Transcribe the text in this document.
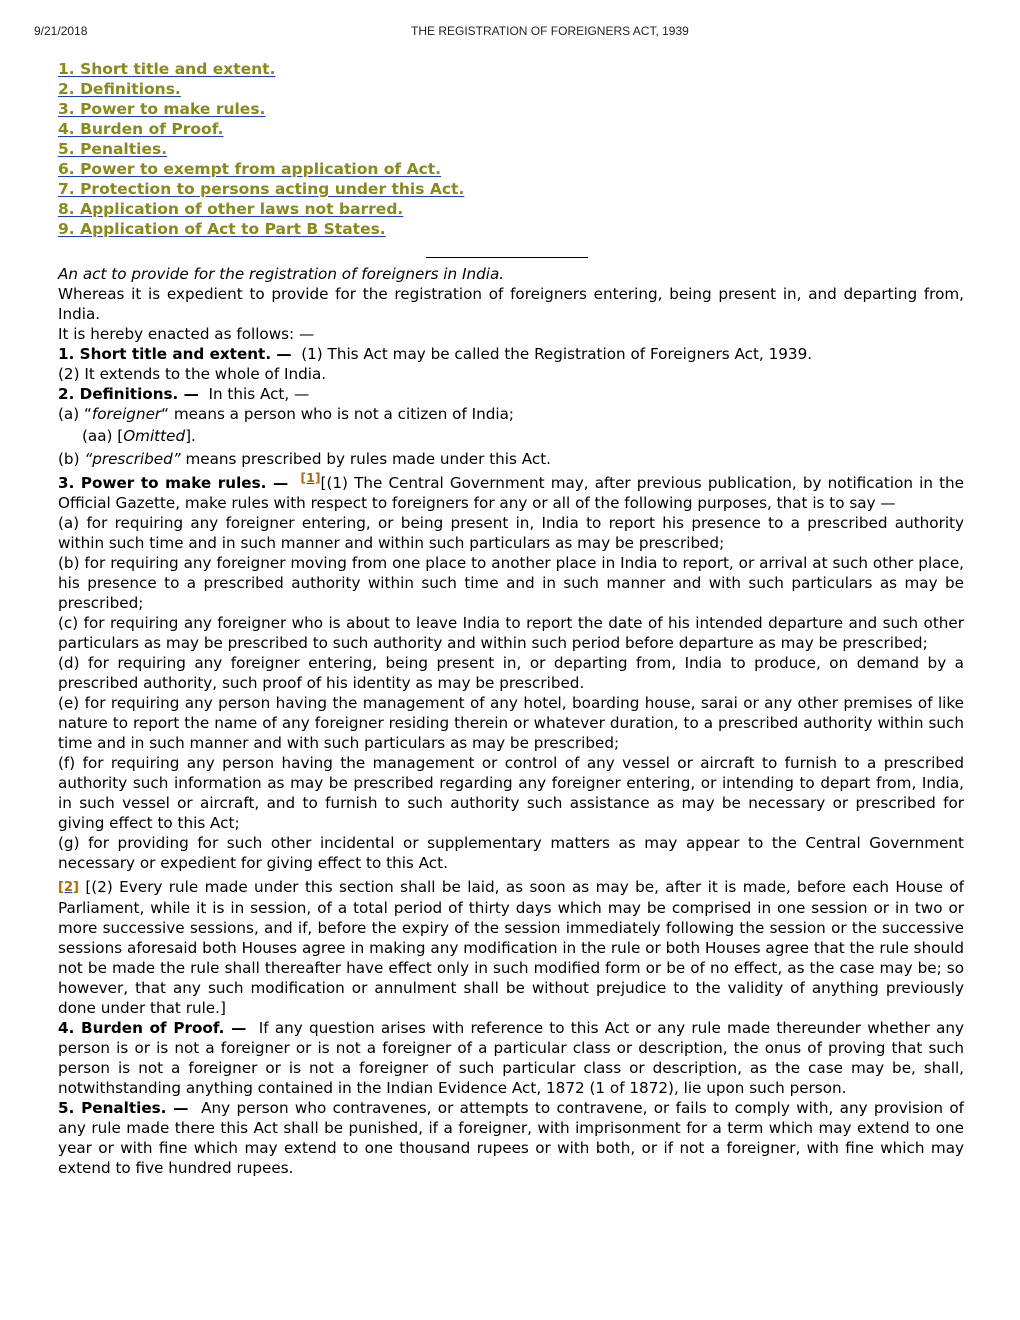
9/21/2018	THE REGISTRATION OF FOREIGNERS ACT, 1939
1. Short title and extent.
2. Definitions.
3. Power to make rules.
4. Burden of Proof.
5. Penalties.
6. Power to exempt from application of Act.
7. Protection to persons acting under this Act.
8. Application of other laws not barred.
9. Application of Act to Part B States.

An act to provide for the registration of foreigners in India.

Whereas it is expedient to provide for the registration of foreigners entering, being present in, and departing from, India.

It is hereby enacted as follows: —

1. Short title and extent. — (1) This Act may be called the Registration of Foreigners Act, 1939.

(2) It extends to the whole of India.

2. Definitions. — In this Act, —

(a) “foreigner“ means a person who is not a citizen of India;

(aa) [Omitted].

(b) “prescribed” means prescribed by rules made under this Act.

3. Power to make rules. — [1][(1) The Central Government may, after previous publication, by notification in the Official Gazette, make rules with respect to foreigners for any or all of the following purposes, that is to say —

(a) for requiring any foreigner entering, or being present in, India to report his presence to a prescribed authority within such time and in such manner and within such particulars as may be prescribed;

(b) for requiring any foreigner moving from one place to another place in India to report, or arrival at such other place, his presence to a prescribed authority within such time and in such manner and with such particulars as may be prescribed;

(c) for requiring any foreigner who is about to leave India to report the date of his intended departure and such other particulars as may be prescribed to such authority and within such period before departure as may be prescribed;

(d) for requiring any foreigner entering, being present in, or departing from, India to produce, on demand by a prescribed authority, such proof of his identity as may be prescribed.

(e) for requiring any person having the management of any hotel, boarding house, sarai or any other premises of like nature to report the name of any foreigner residing therein or whatever duration, to a prescribed authority within such time and in such manner and with such particulars as may be prescribed;

(f) for requiring any person having the management or control of any vessel or aircraft to furnish to a prescribed authority such information as may be prescribed regarding any foreigner entering, or intending to depart from, India, in such vessel or aircraft, and to furnish to such authority such assistance as may be necessary or prescribed for giving effect to this Act;

(g) for providing for such other incidental or supplementary matters as may appear to the Central Government necessary or expedient for giving effect to this Act.

[2] [(2) Every rule made under this section shall be laid, as soon as may be, after it is made, before each House of Parliament, while it is in session, of a total period of thirty days which may be comprised in one session or in two or more successive sessions, and if, before the expiry of the session immediately following the session or the successive sessions aforesaid both Houses agree in making any modification in the rule or both Houses agree that the rule should not be made the rule shall thereafter have effect only in such modified form or be of no effect, as the case may be; so however, that any such modification or annulment shall be without prejudice to the validity of anything previously done under that rule.]

4. Burden of Proof. — If any question arises with reference to this Act or any rule made thereunder whether any person is or is not a foreigner or is not a foreigner of a particular class or description, the onus of proving that such person is not a foreigner or is not a foreigner of such particular class or description, as the case may be, shall, notwithstanding anything contained in the Indian Evidence Act, 1872 (1 of 1872), lie upon such person.

5. Penalties. — Any person who contravenes, or attempts to contravene, or fails to comply with, any provision of any rule made there this Act shall be punished, if a foreigner, with imprisonment for a term which may extend to one year or with fine which may extend to one thousand rupees or with both, or if not a foreigner, with fine which may extend to five hundred rupees.
